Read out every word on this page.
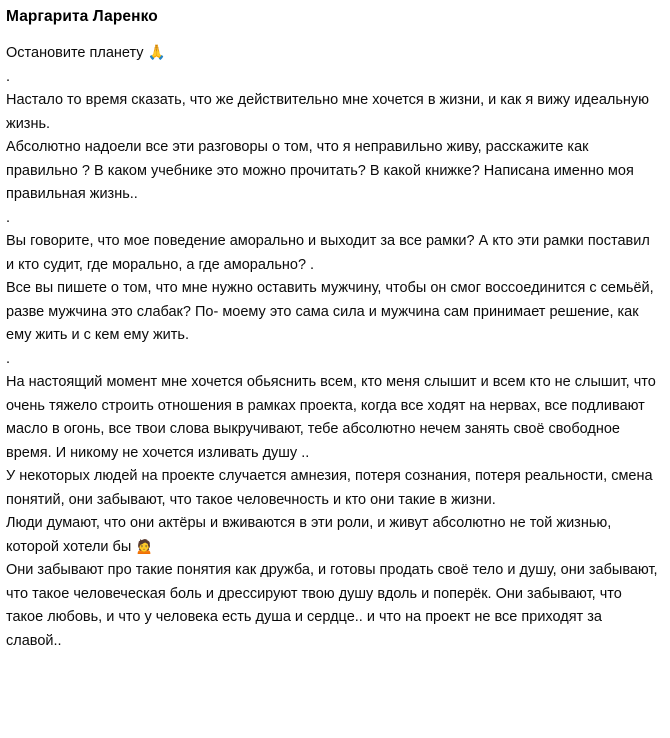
Маргарита Ларенко

Остановите планету 🙏

.

Настало то время сказать, что же действительно мне хочется в жизни, и как я вижу идеальную жизнь.

Абсолютно надоели все эти разговоры о том, что я неправильно живу, расскажите как правильно ? В каком учебнике это можно прочитать? В какой книжке? Написана именно моя правильная жизнь..

.

Вы говорите, что мое поведение аморально и выходит за все рамки? А кто эти рамки поставил и кто судит, где морально, а где аморально? .

Все вы пишете о том, что мне нужно оставить мужчину, чтобы он смог воссоединится с семьёй, разве мужчина это слабак? По- моему это сама сила и мужчина сам принимает решение, как ему жить и с кем ему жить.

.

На настоящий момент мне хочется обьяснить всем, кто меня слышит и всем кто не слышит, что очень тяжело строить отношения в рамках проекта, когда все ходят на нервах, все подливают масло в огонь, все твои слова выкручивают, тебе абсолютно нечем занять своё свободное время. И никому не хочется изливать душу ..

У некоторых людей на проекте случается амнезия, потеря сознания, потеря реальности, смена понятий, они забывают, что такое человечность и кто они такие в жизни.

Люди думают, что они актёры и вживаются в эти роли, и живут абсолютно не той жизнью, которой хотели бы 🙍

Они забывают про такие понятия как дружба, и готовы продать своё тело и душу, они забывают, что такое человеческая боль и дрессируют твою душу вдоль и поперёк. Они забывают, что такое любовь, и что у человека есть душа и сердце.. и что на проект не все приходят за славой..
